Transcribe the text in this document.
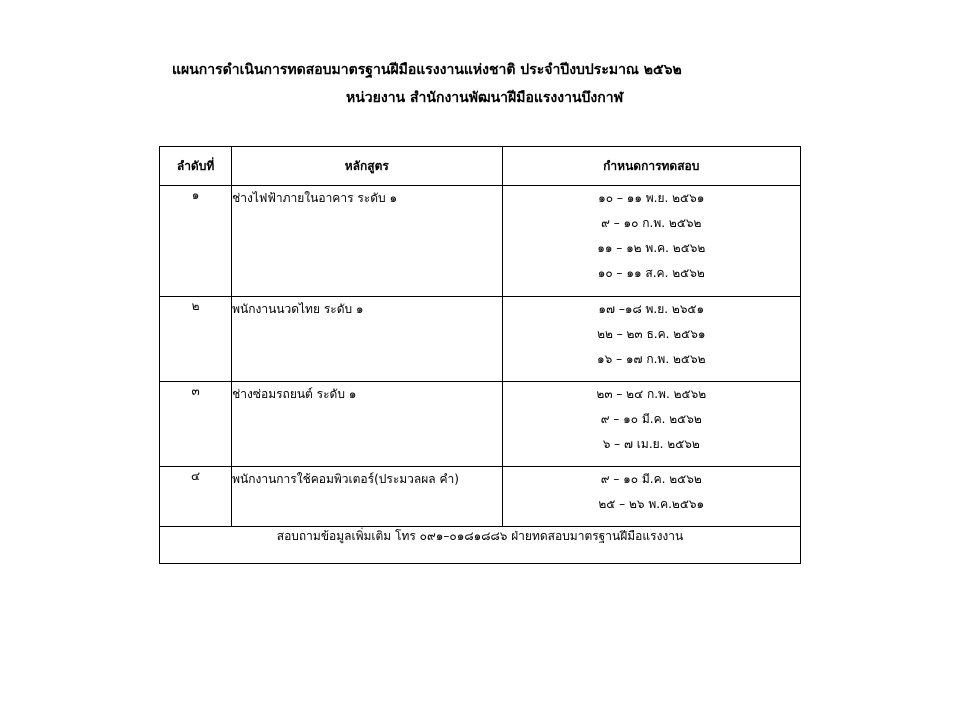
แผนการดำเนินการทดสอบมาตรฐานฝีมือแรงงานแห่งชาติ ประจำปีงบประมาณ ๒๕๖๒
หน่วยงาน สำนักงานพัฒนาฝีมือแรงงานบึงกาฬ
ลำดับที่	หลักสูตร	กำหนดการทดสอบ
๑	ช่างไฟฟ้าภายในอาคาร ระดับ ๑	๑๐ – ๑๑ พ.ย. ๒๕๖๑
๙ – ๑๐ ก.พ. ๒๕๖๒
๑๑ – ๑๒ พ.ค. ๒๕๖๒
๑๐ – ๑๑ ส.ค. ๒๕๖๒

๒	พนักงานนวดไทย ระดับ ๑	๑๗ –๑๘ พ.ย. ๒๖๕๑
๒๒ – ๒๓ ธ.ค. ๒๕๖๑
๑๖ – ๑๗ ก.พ. ๒๕๖๒

๓	ช่างซ่อมรถยนต์ ระดับ ๑	๒๓ – ๒๔ ก.พ. ๒๕๖๒
๙ – ๑๐ มี.ค. ๒๕๖๒
๖ – ๗ เม.ย. ๒๕๖๒

๔	พนักงานการใช้คอมพิวเตอร์(ประมวลผล คำ)	๙ – ๑๐ มี.ค. ๒๕๖๒
๒๕ – ๒๖ พ.ค.๒๕๖๑

สอบถามข้อมูลเพิ่มเติม โทร ๐๙๑–๐๑๘๑๘๘๖ ฝ่ายทดสอบมาตรฐานฝีมือแรงงาน		
